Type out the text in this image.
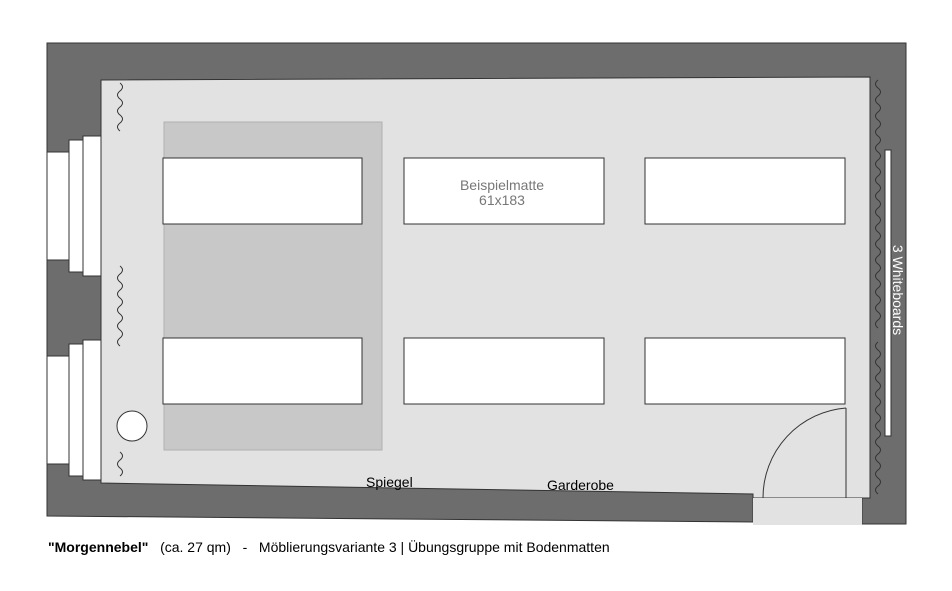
Beispielmatte
61x183
3 Whiteboards
Spiegel	Garderobe
"Morgennebel" (ca. 27 qm) - Möblierungsvariante 3 | Übungsgruppe mit Bodenmatten
